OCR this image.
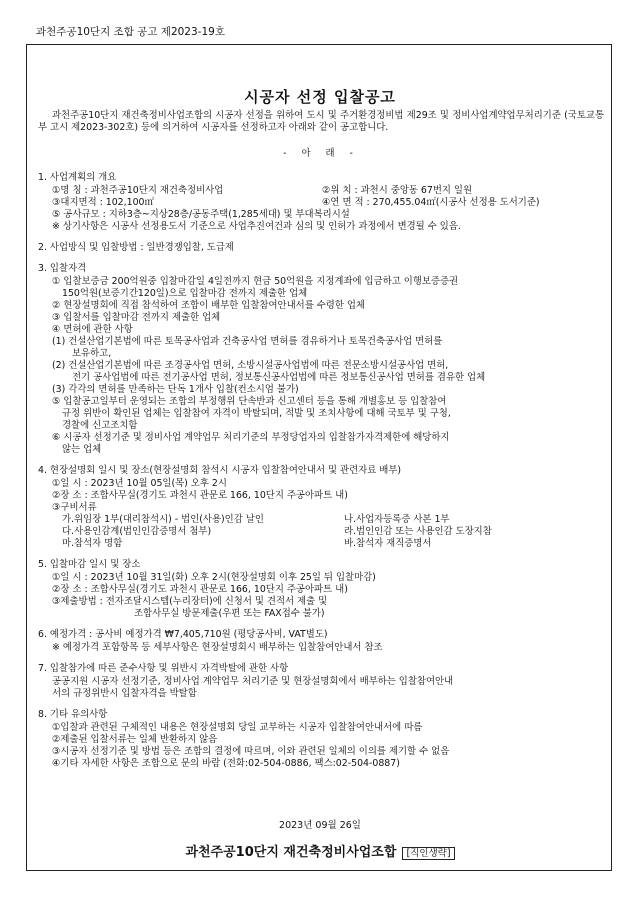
과천주공10단지 조합 공고 제2023-19호
시공자 선정 입찰공고

과천주공10단지 재건축정비사업조합의 시공자 선정을 위하여 도시 및 주거환경정비법 제29조 및 정비사업계약업무처리기준 (국토교통부 고시 제2023-302호) 등에 의거하여 시공자를 선정하고자 아래와 같이 공고합니다.

- 아 래 -

1. 사업계획의 개요

①명 칭 : 과천주공10단지 재건축정비사업	②위 치 : 과천시 중앙동 67번지 일원
③대지면적 : 102,100㎡	④연 면 적 : 270,455.04㎡(시공사 선정용 도서기준)

⑤ 공사규모 : 지하3층~지상28층/공동주택(1,285세대) 및 부대복리시설

※ 상기사항은 시공사 선정용도서 기준으로 사업추진여건과 심의 및 인허가 과정에서 변경될 수 있음.

2. 사업방식 및 입찰방법 : 일반경쟁입찰, 도급제

3. 입찰자격

① 입찰보증금 200억원중 입찰마감일 4일전까지 현금 50억원을 지정계좌에 입금하고 이행보증증권

150억원(보증기간120일)으로 입찰마감 전까지 제출한 업체

② 현장설명회에 직접 참석하여 조합이 배부한 입찰참여안내서를 수령한 업체

③ 입찰서를 입찰마감 전까지 제출한 업체

④ 면허에 관한 사항

(1) 건설산업기본법에 따른 토목공사업과 건축공사업 면허를 겸유하거나 토목건축공사업 면허를

보유하고,

(2) 건설산업기본법에 따른 조경공사업 면허, 소방시설공사업법에 따른 전문소방시설공사업 면허,

전기 공사업법에 따른 전기공사업 면허, 정보통신공사업법에 따른 정보통신공사업 면허를 겸유한 업체

(3) 각각의 면허를 만족하는 단독 1개사 입찰(컨소시엄 불가)

⑤ 입찰공고일부터 운영되는 조합의 부정행위 단속반과 신고센터 등을 통해 개별홍보 등 입찰참여

규정 위반이 확인된 업체는 입찰참여 자격이 박탈되며, 적발 및 조치사항에 대해 국토부 및 구청,

경찰에 신고조치함

⑥ 시공자 선정기준 및 정비사업 계약업무 처리기준의 부정당업자의 입찰참가자격제한에 해당하지

않는 업체

4. 현장설명회 일시 및 장소(현장설명회 참석시 시공자 입찰참여안내서 및 관련자료 배부)

①일 시 : 2023년 10월 05일(목) 오후 2시

②장 소 : 조합사무실(경기도 과천시 관문로 166, 10단지 주공아파트 내)

③구비서류

가.위임장 1부(대리참석시) - 법인(사용)인감 날인	나.사업자등록증 사본 1부
다.사용인감계(법인인감증명서 첨부)	라.법인인감 또는 사용인감 도장지참
마.참석자 명함	바.참석자 재직증명서

5. 입찰마감 일시 및 장소

①일 시 : 2023년 10월 31일(화) 오후 2시(현장설명회 이후 25일 뒤 입찰마감)

②장 소 : 조합사무실(경기도 과천시 관문로 166, 10단지 주공아파트 내)

③제출방법 : 전자조달시스템(누리장터)에 신청서 및 견적서 제출 및

조합사무실 방문제출(우편 또는 FAX접수 불가)

6. 예정가격 : 공사비 예정가격 ₩7,405,710원 (평당공사비, VAT별도)

※ 예정가격 포함항목 등 세부사항은 현장설명회시 배부하는 입찰참여안내서 참조

7. 입찰참가에 따른 준수사항 및 위반시 자격박탈에 관한 사항

공공지원 시공자 선정기준, 정비사업 계약업무 처리기준 및 현장설명회에서 배부하는 입찰참여안내

서의 규정위반시 입찰자격을 박탈함

8. 기타 유의사항

①입찰과 관련된 구체적인 내용은 현장설명회 당일 교부하는 시공자 입찰참여안내서에 따름

②제출된 입찰서류는 일체 반환하지 않음

③시공자 선정기준 및 방법 등은 조합의 결정에 따르며, 이와 관련된 일체의 이의를 제기할 수 없음

④기타 자세한 사항은 조합으로 문의 바람 (전화:02-504-0886, 팩스:02-504-0887)

2023년 09월 26일
과천주공10단지 재건축정비사업조합 [직인생략]
